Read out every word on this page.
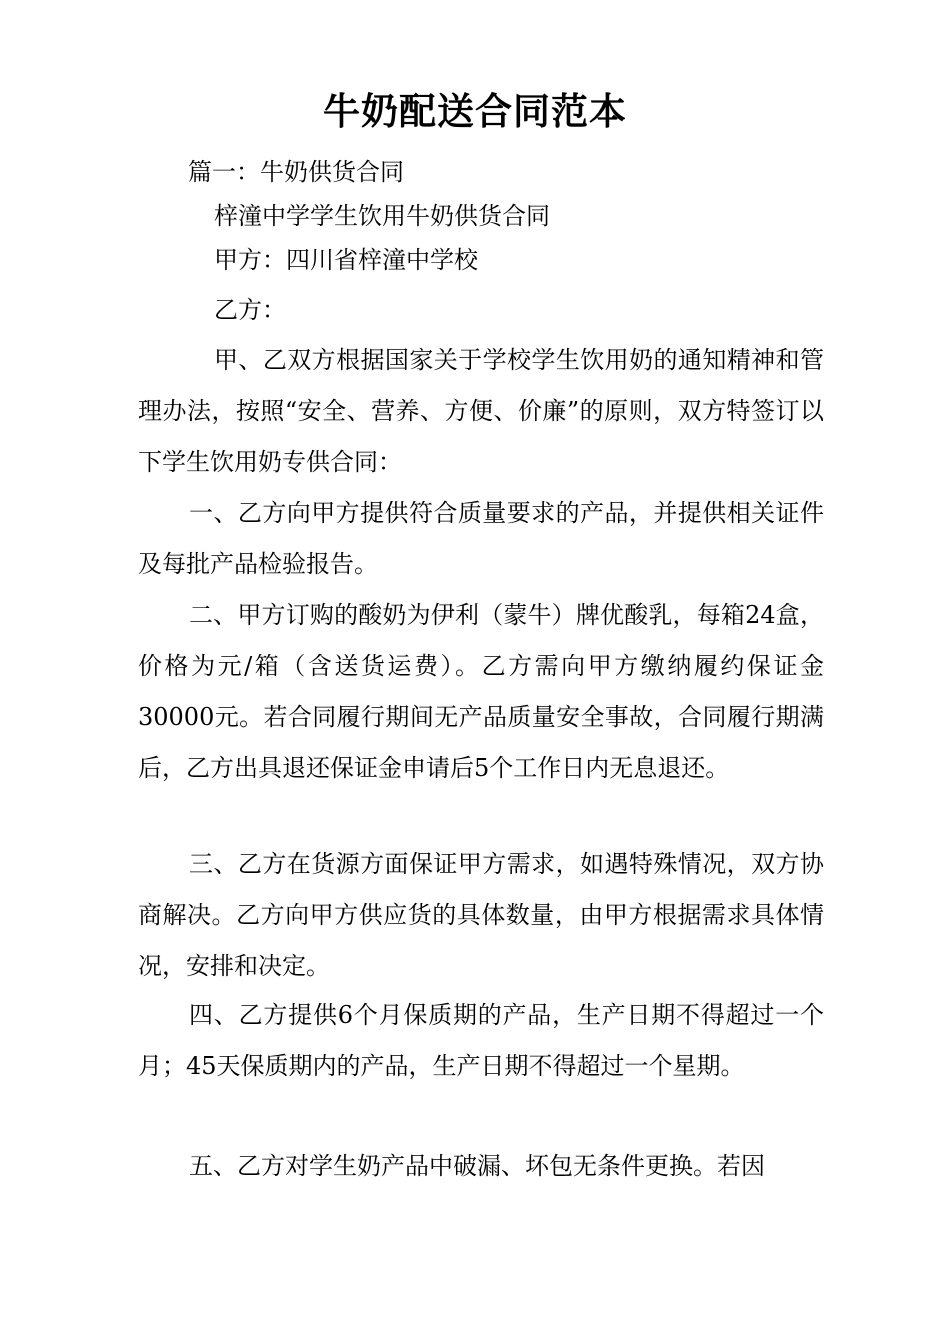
牛奶配送合同范本

篇一：牛奶供货合同

梓潼中学学生饮用牛奶供货合同

甲方：四川省梓潼中学校

乙方：

甲、乙双方根据国家关于学校学生饮用奶的通知精神和管理办法，按照“安全、营养、方便、价廉”的原则，双方特签订以下学生饮用奶专供合同：

一、乙方向甲方提供符合质量要求的产品，并提供相关证件及每批产品检验报告。

二、甲方订购的酸奶为伊利（蒙牛）牌优酸乳，每箱24盒，价格为元/箱（含送货运费）。乙方需向甲方缴纳履约保证金30000元。若合同履行期间无产品质量安全事故，合同履行期满后，乙方出具退还保证金申请后5个工作日内无息退还。

三、乙方在货源方面保证甲方需求，如遇特殊情况，双方协商解决。乙方向甲方供应货的具体数量，由甲方根据需求具体情况，安排和决定。

四、乙方提供6个月保质期的产品，生产日期不得超过一个月；45天保质期内的产品，生产日期不得超过一个星期。

五、乙方对学生奶产品中破漏、坏包无条件更换。若因
